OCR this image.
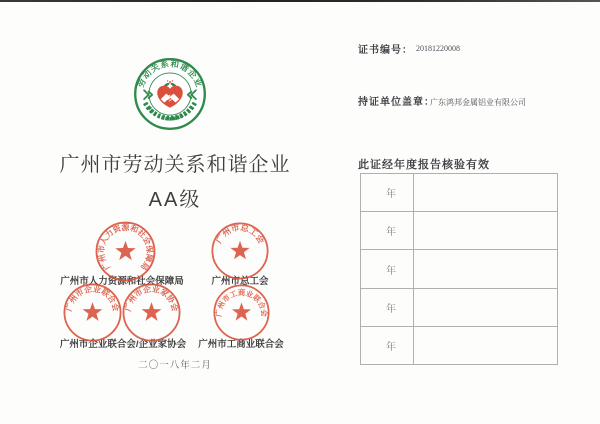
劳动关系和谐企业
广州市劳动关系和谐企业
AA级
广州市人力资源和社会保障局	广州市总工会
广州市企业联合会/企业家协会 广州市工商业联合会
广州市人力资源和社会保障局
广州市总工会
广州市企业联合会 广州市企业家协会
广州市工商业联合会
二〇一八年二月
证书编号： 20181220008
持证单位盖章：
广东鸿邦金属铝业有限公司
此证经年度报告核验有效
年
年
年
年
年
